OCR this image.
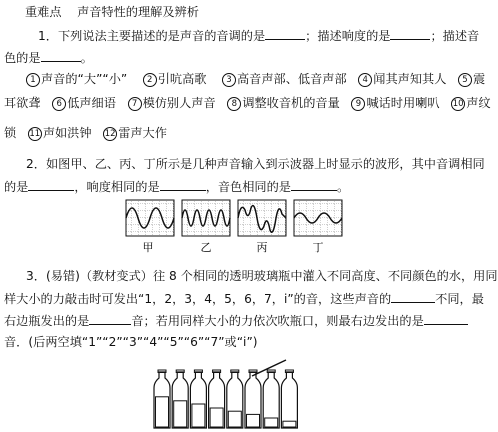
重难点 声音特性的理解及辨析
1．下列说法主要描述的是声音的音调的是	；描述响度的是	；描述音
色的是	。
1 声音的“大”“小” 2 引吭高歌 3 高音声部、低音声部 4 闻其声知其人 5 震
耳欲聋 6 低声细语 7 模仿别人声音 8 调整收音机的音量 9 喊话时用喇叭 10 声纹
锁 11 声如洪钟 12 雷声大作
2．如图甲、乙、丙、丁所示是几种声音输入到示波器上时显示的波形，其中音调相同
的是	，响度相同的是	，音色相同的是	。
甲	乙	丙	丁
3．(易错)（教材变式）往 8 个相同的透明玻璃瓶中灌入不同高度、不同颜色的水，用同
样大小的力敲击时可发出“1，2，3，4，5，6，7，i”的音，这些声音的	不同，最
右边瓶发出的是	音；若用同样大小的力依次吹瓶口，则最右边发出的是
音．(后两空填“1”“2”“3”“4”“5”“6”“7”或“i”)
